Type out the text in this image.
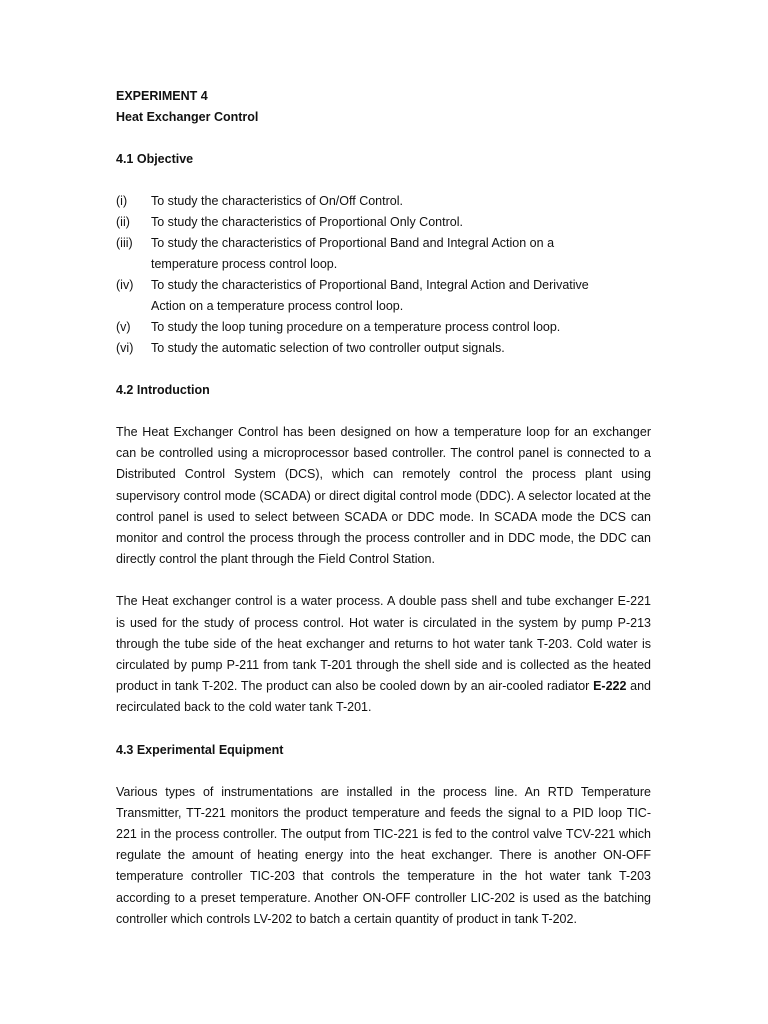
EXPERIMENT 4
Heat Exchanger Control
4.1 Objective
(i)	To study the characteristics of On/Off Control.
(ii)	To study the characteristics of Proportional Only Control.
(iii)	To study the characteristics of Proportional Band and Integral Action on a temperature process control loop.
(iv)	To study the characteristics of Proportional Band, Integral Action and Derivative Action on a temperature process control loop.
(v)	To study the loop tuning procedure on a temperature process control loop.
(vi)	To study the automatic selection of two controller output signals.
4.2 Introduction

The Heat Exchanger Control has been designed on how a temperature loop for an exchanger can be controlled using a microprocessor based controller. The control panel is connected to a Distributed Control System (DCS), which can remotely control the process plant using supervisory control mode (SCADA) or direct digital control mode (DDC). A selector located at the control panel is used to select between SCADA or DDC mode. In SCADA mode the DCS can monitor and control the process through the process controller and in DDC mode, the DDC can directly control the plant through the Field Control Station.

The Heat exchanger control is a water process. A double pass shell and tube exchanger E-221 is used for the study of process control. Hot water is circulated in the system by pump P-213 through the tube side of the heat exchanger and returns to hot water tank T-203. Cold water is circulated by pump P-211 from tank T-201 through the shell side and is collected as the heated product in tank T-202. The product can also be cooled down by an air-cooled radiator E-222 and recirculated back to the cold water tank T-201.

4.3 Experimental Equipment

Various types of instrumentations are installed in the process line. An RTD Temperature Transmitter, TT-221 monitors the product temperature and feeds the signal to a PID loop TIC-221 in the process controller. The output from TIC-221 is fed to the control valve TCV-221 which regulate the amount of heating energy into the heat exchanger. There is another ON-OFF temperature controller TIC-203 that controls the temperature in the hot water tank T-203 according to a preset temperature. Another ON-OFF controller LIC-202 is used as the batching controller which controls LV-202 to batch a certain quantity of product in tank T-202.
